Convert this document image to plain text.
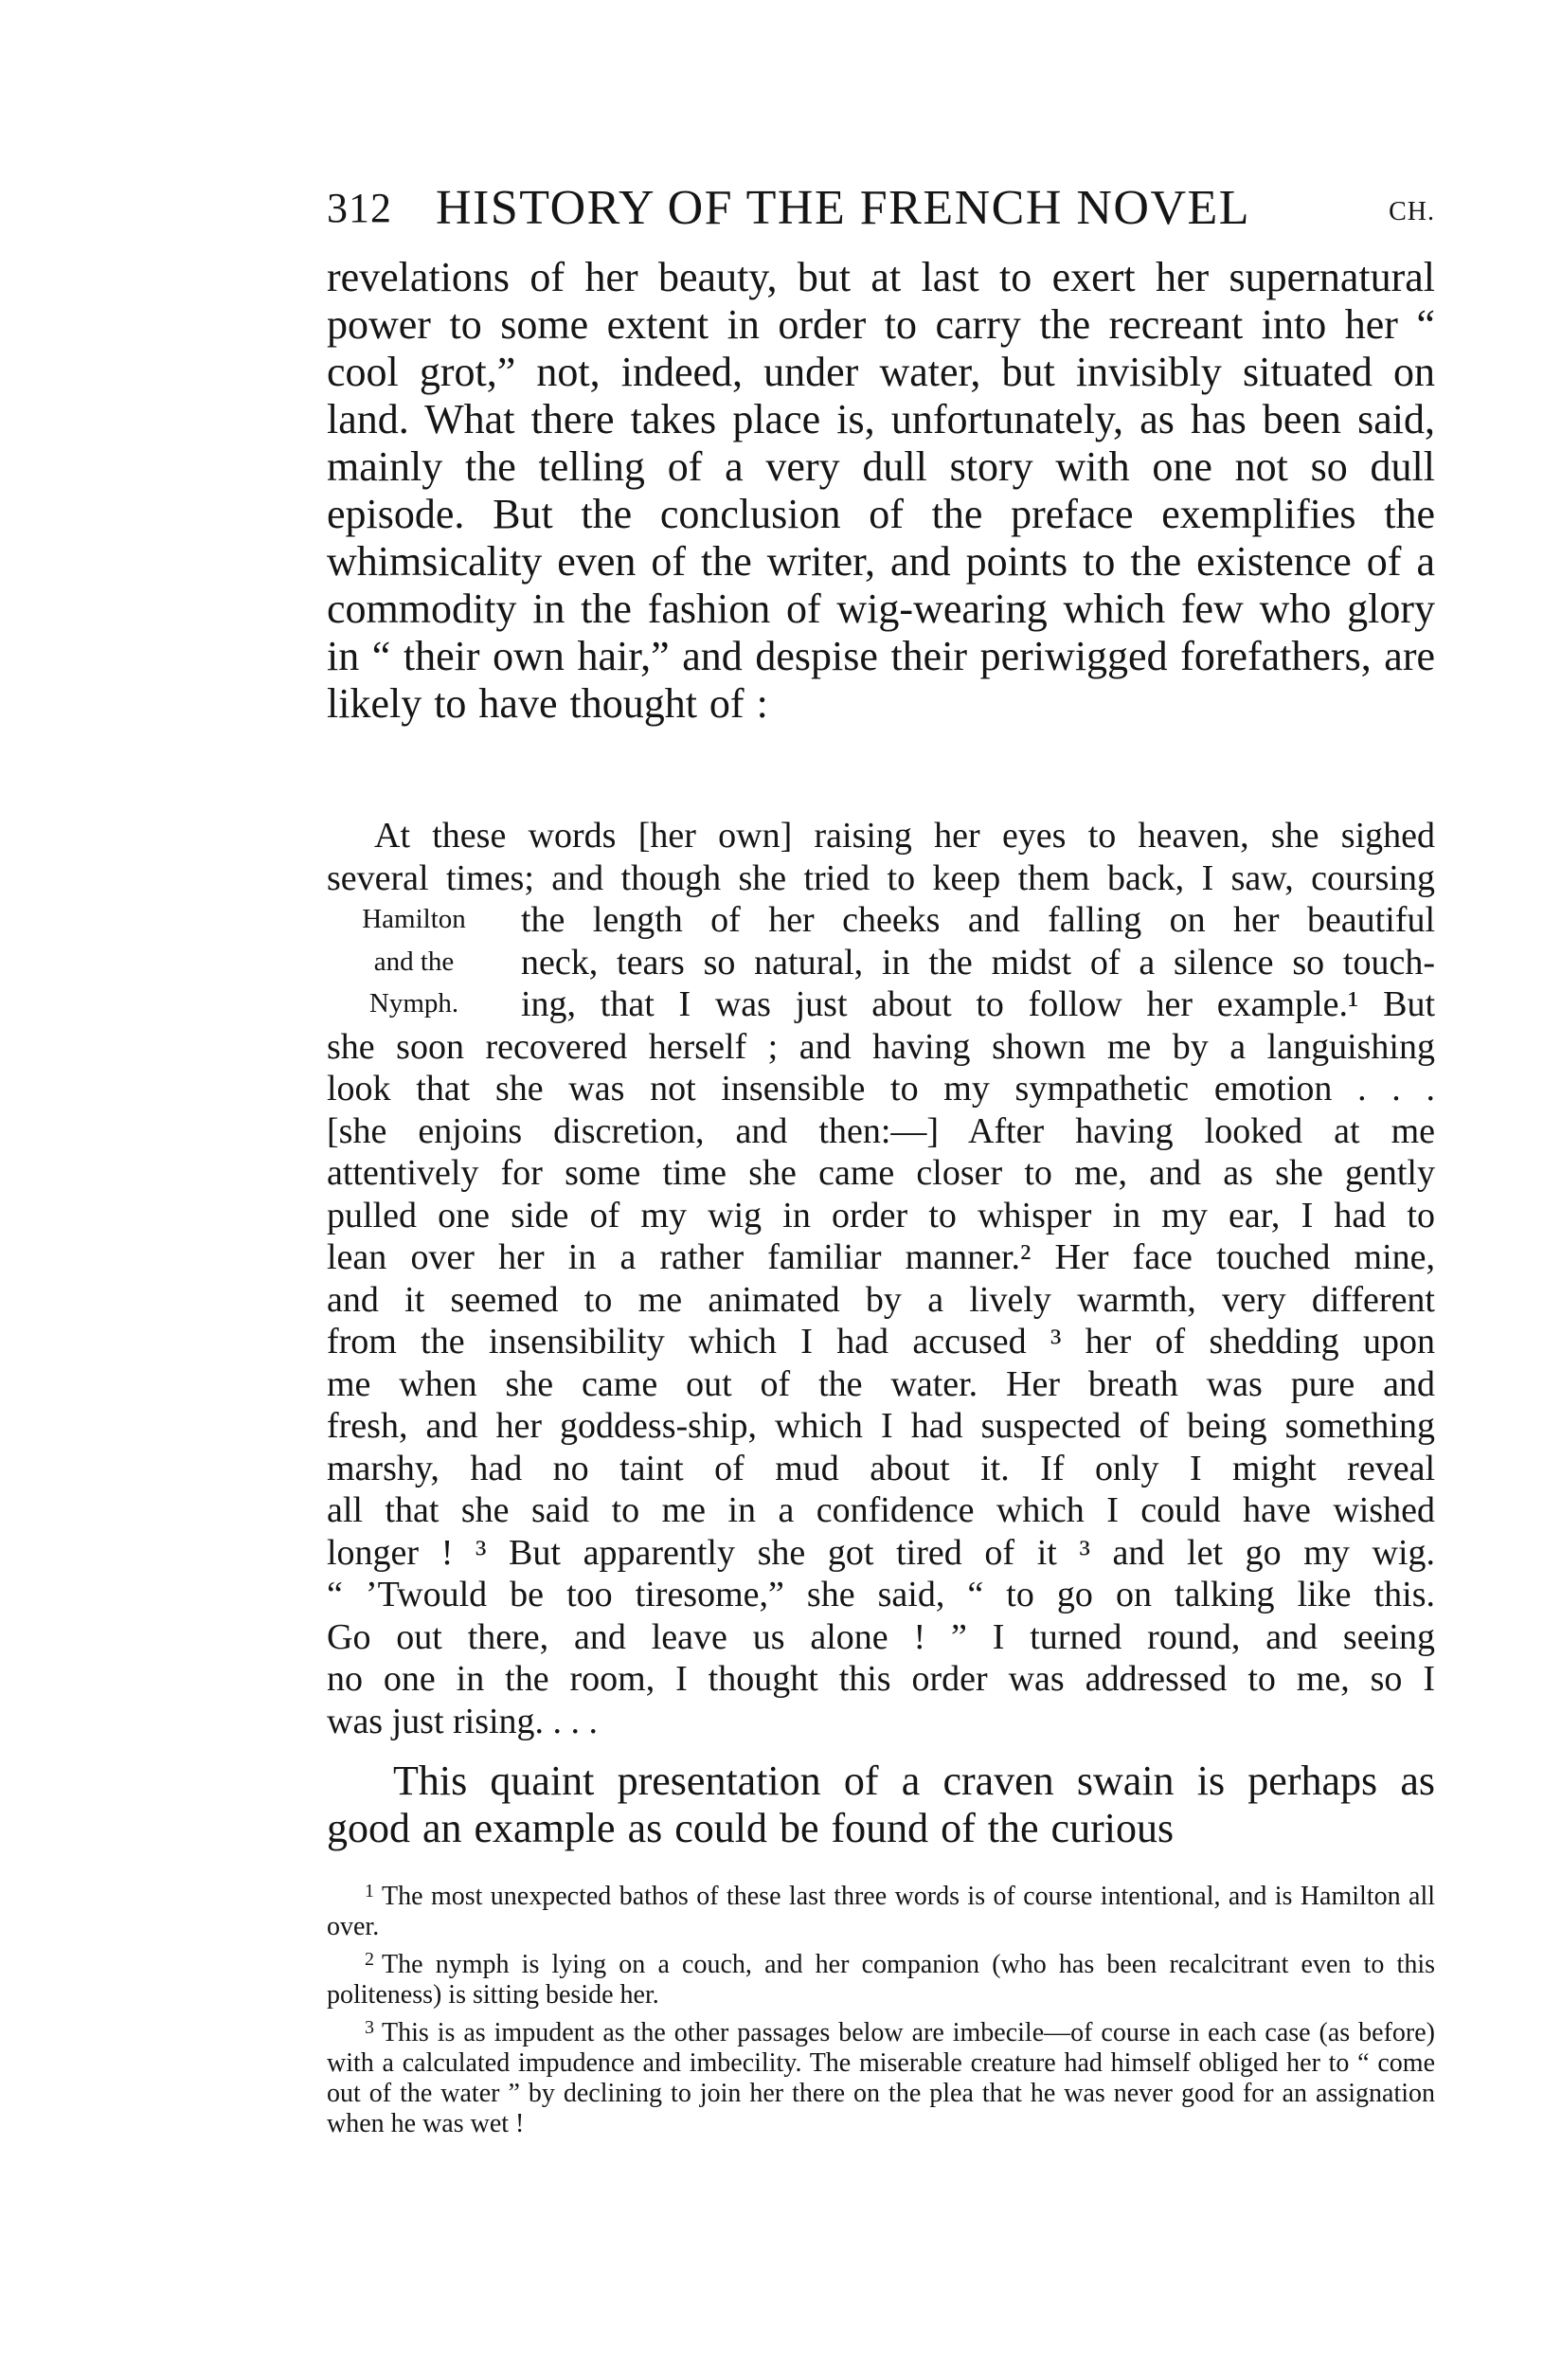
312 HISTORY OF THE FRENCH NOVEL	CH.

revelations of her beauty, but at last to exert her supernatural power to some extent in order to carry the recreant into her “ cool grot,” not, indeed, under water, but invisibly situated on land. What there takes place is, unfortunately, as has been said, mainly the telling of a very dull story with one not so dull episode. But the conclusion of the preface exemplifies the whimsicality even of the writer, and points to the existence of a commodity in the fashion of wig-wearing which few who glory in “ their own hair,” and despise their periwigged forefathers, are likely to have thought of :

At these words [her own] raising her eyes to heaven, she sighed
several times; and though she tried to keep them back, I saw, coursing
the length of her cheeks and falling on her beautiful
neck, tears so natural, in the midst of a silence so touch-
ing, that I was just about to follow her example.¹ But
she soon recovered herself ; and having shown me by a languishing
look that she was not insensible to my sympathetic emotion . . .
[she enjoins discretion, and then:—] After having looked at me
attentively for some time she came closer to me, and as she gently
pulled one side of my wig in order to whisper in my ear, I had to
lean over her in a rather familiar manner.² Her face touched mine,
and it seemed to me animated by a lively warmth, very different
from the insensibility which I had accused ³ her of shedding upon
me when she came out of the water. Her breath was pure and
fresh, and her goddess-ship, which I had suspected of being something
marshy, had no taint of mud about it. If only I might reveal
all that she said to me in a confidence which I could have wished
longer ! ³ But apparently she got tired of it ³ and let go my wig.
“ ’Twould be too tiresome,” she said, “ to go on talking like this.
Go out there, and leave us alone ! ” I turned round, and seeing
no one in the room, I thought this order was addressed to me, so I
was just rising. . . .
Hamilton
and the
Nymph.

This quaint presentation of a craven swain is perhaps as good an example as could be found of the curious

$^1$ The most unexpected bathos of these last three words is of course intentional, and is Hamilton all over.

$^2$ The nymph is lying on a couch, and her companion (who has been recalcitrant even to this politeness) is sitting beside her.

$^3$ This is as impudent as the other passages below are imbecile—of course in each case (as before) with a calculated impudence and imbecility. The miserable creature had himself obliged her to “ come out of the water ” by declining to join her there on the plea that he was never good for an assignation when he was wet !
